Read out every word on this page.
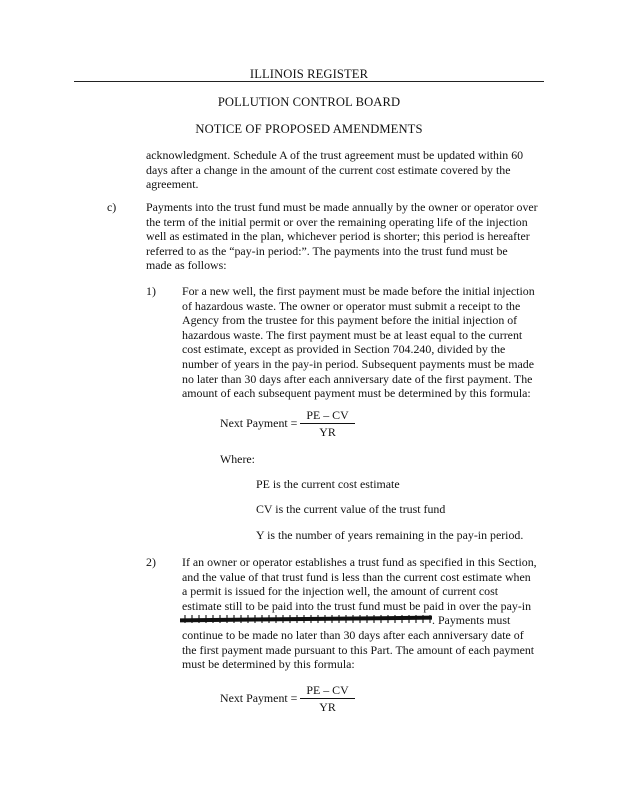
ILLINOIS REGISTER
POLLUTION CONTROL BOARD
NOTICE OF PROPOSED AMENDMENTS
acknowledgment. Schedule A of the trust agreement must be updated within 60
days after a change in the amount of the current cost estimate covered by the
agreement.
c)	Payments into the trust fund must be made annually by the owner or operator over
the term of the initial permit or over the remaining operating life of the injection
well as estimated in the plan, whichever period is shorter; this period is hereafter
referred to as the “pay-in period:”. The payments into the trust fund must be
made as follows:
1) For a new well, the first payment must be made before the initial injection
of hazardous waste. The owner or operator must submit a receipt to the
Agency from the trustee for this payment before the initial injection of
hazardous waste. The first payment must be at least equal to the current
cost estimate, except as provided in Section 704.240, divided by the
number of years in the pay-in period. Subsequent payments must be made
no later than 30 days after each anniversary date of the first payment. The
amount of each subsequent payment must be determined by this formula:
Next Payment = $\frac{PE - CV}{YR}$
Where:
PE is the current cost estimate
CV is the current value of the trust fund
Y is the number of years remaining in the pay-in period.
2) If an owner or operator establishes a trust fund as specified in this Section,
and the value of that trust fund is less than the current cost estimate when
a permit is issued for the injection well, the amount of current cost
estimate still to be paid into the trust fund must be paid in over the pay-in
. Payments must
continue to be made no later than 30 days after each anniversary date of
the first payment made pursuant to this Part. The amount of each payment
must be determined by this formula:
Next Payment = $\frac{PE - CV}{YR}$
